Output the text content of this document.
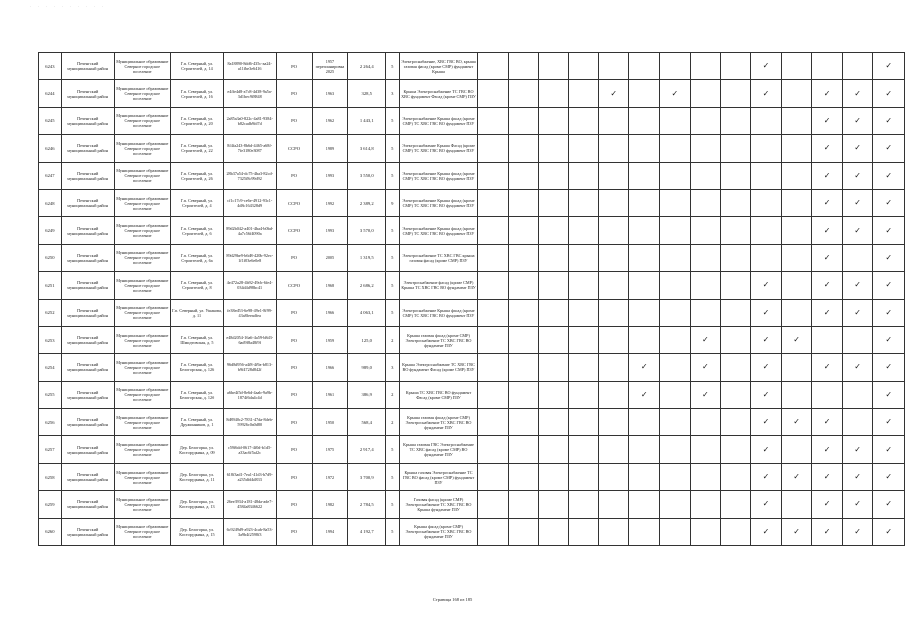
. . . . . . . . . .
6243	Печенгский муниципальный район	Муниципальное образование Северное городское поселение	Г.п. Северный, ул. Строителей, д. 14	8a18890-8dd6-435c-aa24-a11fbe3e6416	PO	1957 перепланировка 2025	2 264,4	5	Электроснабжение, ХВС ГВС ВО, крыша газовая фасад (кроме СМР) фундамент Крыша										✓				✓
6244	Печенгский муниципальный район	Муниципальное образование Северное городское поселение	Г.п. Северный, ул. Строителей, д. 16	e4ffe4d8-a7c8-4d38-9a5a-3d1bec9f8848	PO	1963	328,5	3	Крыша Электроснабжение ТС ГВС ВО ХВС фундамент Фасад (кроме СМР) ПЗУ					✓		✓			✓		✓	✓	✓
6245	Печенгский муниципальный район	Муниципальное образование Северное городское поселение	Г.п. Северный, ул. Строителей, д. 20	2a85a3a0-822c-4a81-9384-b82cadb9fd7d	PO	1962	1 443,1	5	Электроснабжение Крыша фасад (кроме СМР) ТС ХВС ГВС ВО фундамент ПЗУ												✓	✓	✓
6246	Печенгский муниципальный район	Муниципальное образование Северное городское поселение	Г.п. Северный, ул. Строителей, д. 22	8f4fa243-8b6d-4465-a68f-7fe3180e3087	CCPO	1989	3 614,8	5	Электроснабжение Крыша Фасад (кроме СМР) ТС ХВС ГВС ВО фундамент ПЗУ												✓	✓	✓
6247	Печенгский муниципальный район	Муниципальное образование Северное городское поселение	Г.п. Северный, ул. Строителей, д. 26	28b37a54-dc75-4ba3-82cd-7325f8c99d92	PO	1993	3 550,0	5	Электроснабжение Крыша фасад (кроме СМР) ТС ХВС ГВС ВО фундамент ПЗУ												✓	✓	✓
6248	Печенгский муниципальный район	Муниципальное образование Северное городское поселение	Г.п. Северный, ул. Строителей, д. 4	cf1c17c9-ce6e-4912-93c1-4d8c164328d9	CCPO	1992	2 389,2	9	Электроснабжение Крыша фасад (кроме СМР) ТС ХВС ГВС ВО фундамент ПЗУ												✓	✓	✓
6249	Печенгский муниципальный район	Муниципальное образование Северное городское поселение	Г.п. Северный, ул. Строителей, д. 6	89d2b042-a401-4ba4-b0bd-4a7c56f4090a	CCPO	1993	3 570,0	5	Электроснабжение Крыша фасад (кроме СМР) ТС ХВС ГВС ВО фундамент ПЗУ												✓	✓	✓
6250	Печенгский муниципальный район	Муниципальное образование Северное городское поселение	Г.п. Северный, ул. Строителей, д. 6а	89d29be9-b6d8-420b-92ec-1f1f03e6e0e8	PO	2005	1 319,5	5	Электроснабжение ТС ХВС ГВС крыша газовая фасад (кроме СМР) ПЗУ												✓		✓
6251	Печенгский муниципальный район	Муниципальное образование Северное городское поселение	Г.п. Северный, ул. Строителей, д. 8	4e472a28-4b92-49cb-6fe4-034d4d98bc41	CCPO	1968	2 686,2	5	Электроснабжение фасад (кроме СМР) Крыша ТС ХВС ГВС ВО фундамент ПЗУ										✓		✓	✓	✓
6252	Печенгский муниципальный район	Муниципальное образование Северное городское поселение	Г.п. Северный, ул. Ушакова, д. 11	fe38ed53-6e98-49e1-8f99-43a8feeadfea	PO	1966	4 063,1	5	Электроснабжение Крыша фасад (кроме СМР) ТС ХВС ГВС ВО фундамент ПЗУ										✓		✓	✓	✓
6253	Печенгский муниципальный район	Муниципальное образование Северное городское поселение	Г.п. Северный, ул. Шмидтовская, д. 5	e48d2054-16a6-4a59-b8d3-6ad9f8a48f9f	PO	1959	125,0	2	Крыша газовая фасад (кроме СМР) Электроснабжение ТС ХВС ГВС ВО фундамент ПЗУ								✓		✓	✓			✓
6254	Печенгский муниципальный район	Муниципальное образование Северное городское поселение	Г.п. Северный, ул. Белогорская, д. 126	96d8d956-a4f8-4f9a-b813-b9f4728d842f	PO	1966	989,0	3	Крыша Электроснабжение ТС ХВС ГВС ВО фундамент Фасад (кроме СМР) ПЗУ						✓		✓		✓		✓	✓	✓
6255	Печенгский муниципальный район	Муниципальное образование Северное городское поселение	Г.п. Северный, ул. Белогорская, д. 12б	a6be4f5d-8e6d-4aab-9a9b-1874f6da4c4d	PO	1961	386,9	2	Крыша ТС ХВС ГВС ВО фундамент Фасад (кроме СМР) ПЗУ						✓		✓		✓				✓
6256	Печенгский муниципальный район	Муниципальное образование Северное городское поселение	Г.п. Северный, ул. Дружинников, д. 1	8d8940c2-7831-47da-8deb-59926c0a0d80	PO	1950	568,4	2	Крыша газовая фасад (кроме СМР) Электроснабжение ТС ХВС ГВС ВО фундамент ПЗУ										✓	✓	✓		✓
6257	Печенгский муниципальный район	Муниципальное образование Северное городское поселение	Дер. Белогорка, ул. Косторудкина, д. 09	c59f6dd-0617-4f0d-b1d5-a33ac6f5af2c	PO	1975	2 917,4	5	Крыша газовая ГВС Электроснабжение ТС ХВС фасад (кроме СМР) ВО фундамент ПЗУ										✓		✓	✓	✓
6258	Печенгский муниципальный район	Муниципальное образование Северное городское поселение	Дер. Белогорка, ул. Косторудкина, д. 11	618f3ad1-7ea1-41d3-b7d9-a235dfd4d833	PO	1972	3 700,9	5	Крыша газовая Электроснабжение ТС ГВС ВО фасад (кроме СМР) фундамент ПЗУ										✓	✓	✓	✓	✓
6259	Печенгский муниципальный район	Муниципальное образование Северное городское поселение	Дер. Белогорка, ул. Косторудкина, д. 13	26ee3934-a181-48da-ade7-4584a8346622	PO	1982	2 784,5	5	Газовая фасад (кроме СМР) Электроснабжение ТС ХВС ГВС ВО Крыша фундамент ПЗУ										✓		✓	✓	✓
6260	Печенгский муниципальный район	Муниципальное образование Северное городское поселение	Дер. Белогорка, ул. Косторудкина, д. 15	6c9249d9-a923-4cab-8a53-3a9b4f2598f3	PO	1994	4 192,7	5	Крыша фасад (кроме СМР) Электроснабжение ТС ХВС ГВС ВО фундамент ПЗУ										✓	✓	✓	✓	✓
Страница 168 из 185
